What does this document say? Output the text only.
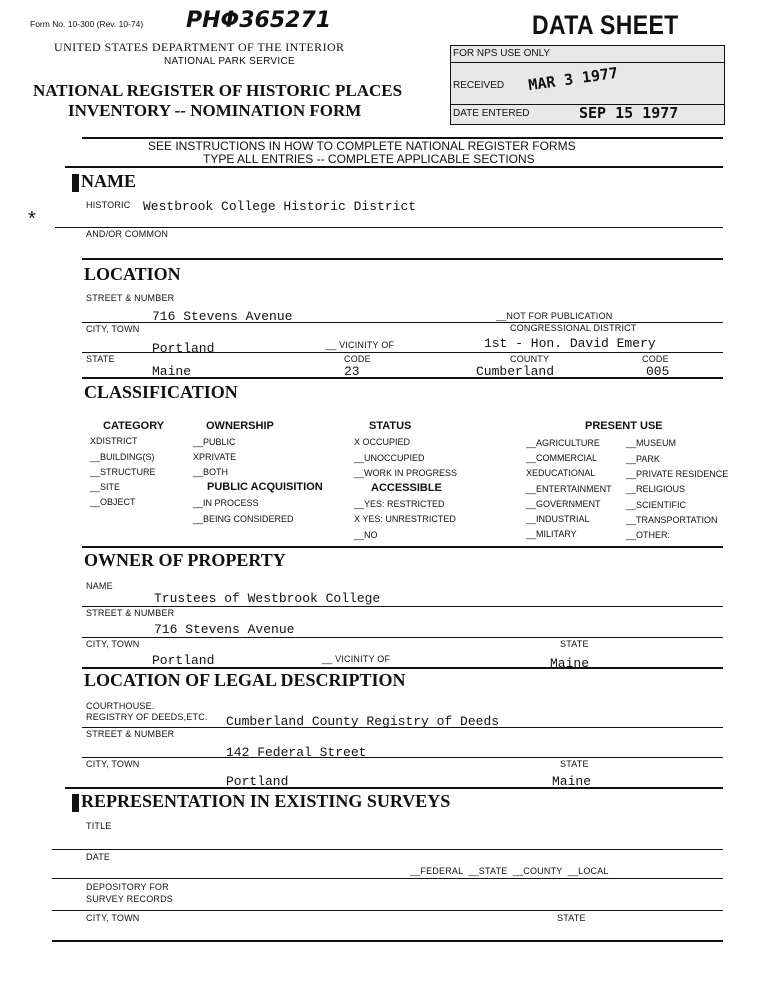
Form No. 10-300 (Rev. 10-74) PHΦ365271	DATA SHEET
UNITED STATES DEPARTMENT OF THE INTERIOR
NATIONAL PARK SERVICE
NATIONAL REGISTER OF HISTORIC PLACES
INVENTORY -- NOMINATION FORM
FOR NPS USE ONLY
RECEIVED MAR 3 1977
DATE ENTERED	SEP 15 1977
SEE INSTRUCTIONS IN HOW TO COMPLETE NATIONAL REGISTER FORMS
TYPE ALL ENTRIES -- COMPLETE APPLICABLE SECTIONS
NAME
HISTORIC Westbrook College Historic District
*
AND/OR COMMON
LOCATION
STREET & NUMBER
716 Stevens Avenue	__NOT FOR PUBLICATION
CITY, TOWN	CONGRESSIONAL DISTRICT
Portland	__ VICINITY OF	1st - Hon. David Emery
STATE	CODE	COUNTY	CODE
Maine	23	Cumberland	005
CLASSIFICATION
CATEGORY
XDISTRICT
__BUILDING(S)
__STRUCTURE
__SITE
__OBJECT
OWNERSHIP
__PUBLIC
XPRIVATE
__BOTH
PUBLIC ACQUISITION
__IN PROCESS
__BEING CONSIDERED
STATUS
X OCCUPIED
__UNOCCUPIED
__WORK IN PROGRESS
ACCESSIBLE
__YES: RESTRICTED
X YES: UNRESTRICTED
__NO
PRESENT USE
__AGRICULTURE
__COMMERCIAL
XEDUCATIONAL
__ENTERTAINMENT
__GOVERNMENT
__INDUSTRIAL
__MILITARY
__MUSEUM
__PARK
__PRIVATE RESIDENCE
__RELIGIOUS
__SCIENTIFIC
__TRANSPORTATION
__OTHER:
OWNER OF PROPERTY
NAME
Trustees of Westbrook College
STREET & NUMBER
716 Stevens Avenue
CITY, TOWN	STATE
Portland	__ VICINITY OF	Maine
LOCATION OF LEGAL DESCRIPTION
COURTHOUSE.
REGISTRY OF DEEDS,ETC. Cumberland County Registry of Deeds
STREET & NUMBER
142 Federal Street
CITY, TOWN	STATE
Portland	Maine
REPRESENTATION IN EXISTING SURVEYS
TITLE
DATE
__FEDERAL  __STATE  __COUNTY  __LOCAL
DEPOSITORY FOR
SURVEY RECORDS
CITY, TOWN	STATE
